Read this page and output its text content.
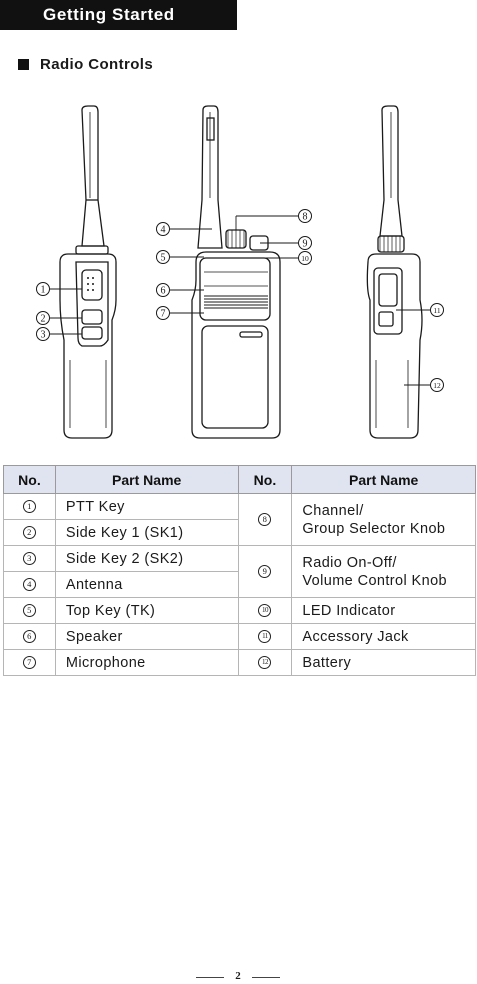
Getting Started
Radio Controls
1
2
3
4
5
6
7
8
9
10
11
12
No.	Part Name	No.	Part Name
1	PTT Key	8	Channel/
Group Selector Knob

2	Side Key 1 (SK1)		
3	Side Key 2 (SK2)	9	Radio On-Off/
Volume Control Knob

4	Antenna		
5	Top Key (TK)	10	LED Indicator
6	Speaker	11	Accessory Jack
7	Microphone	12	Battery
2
